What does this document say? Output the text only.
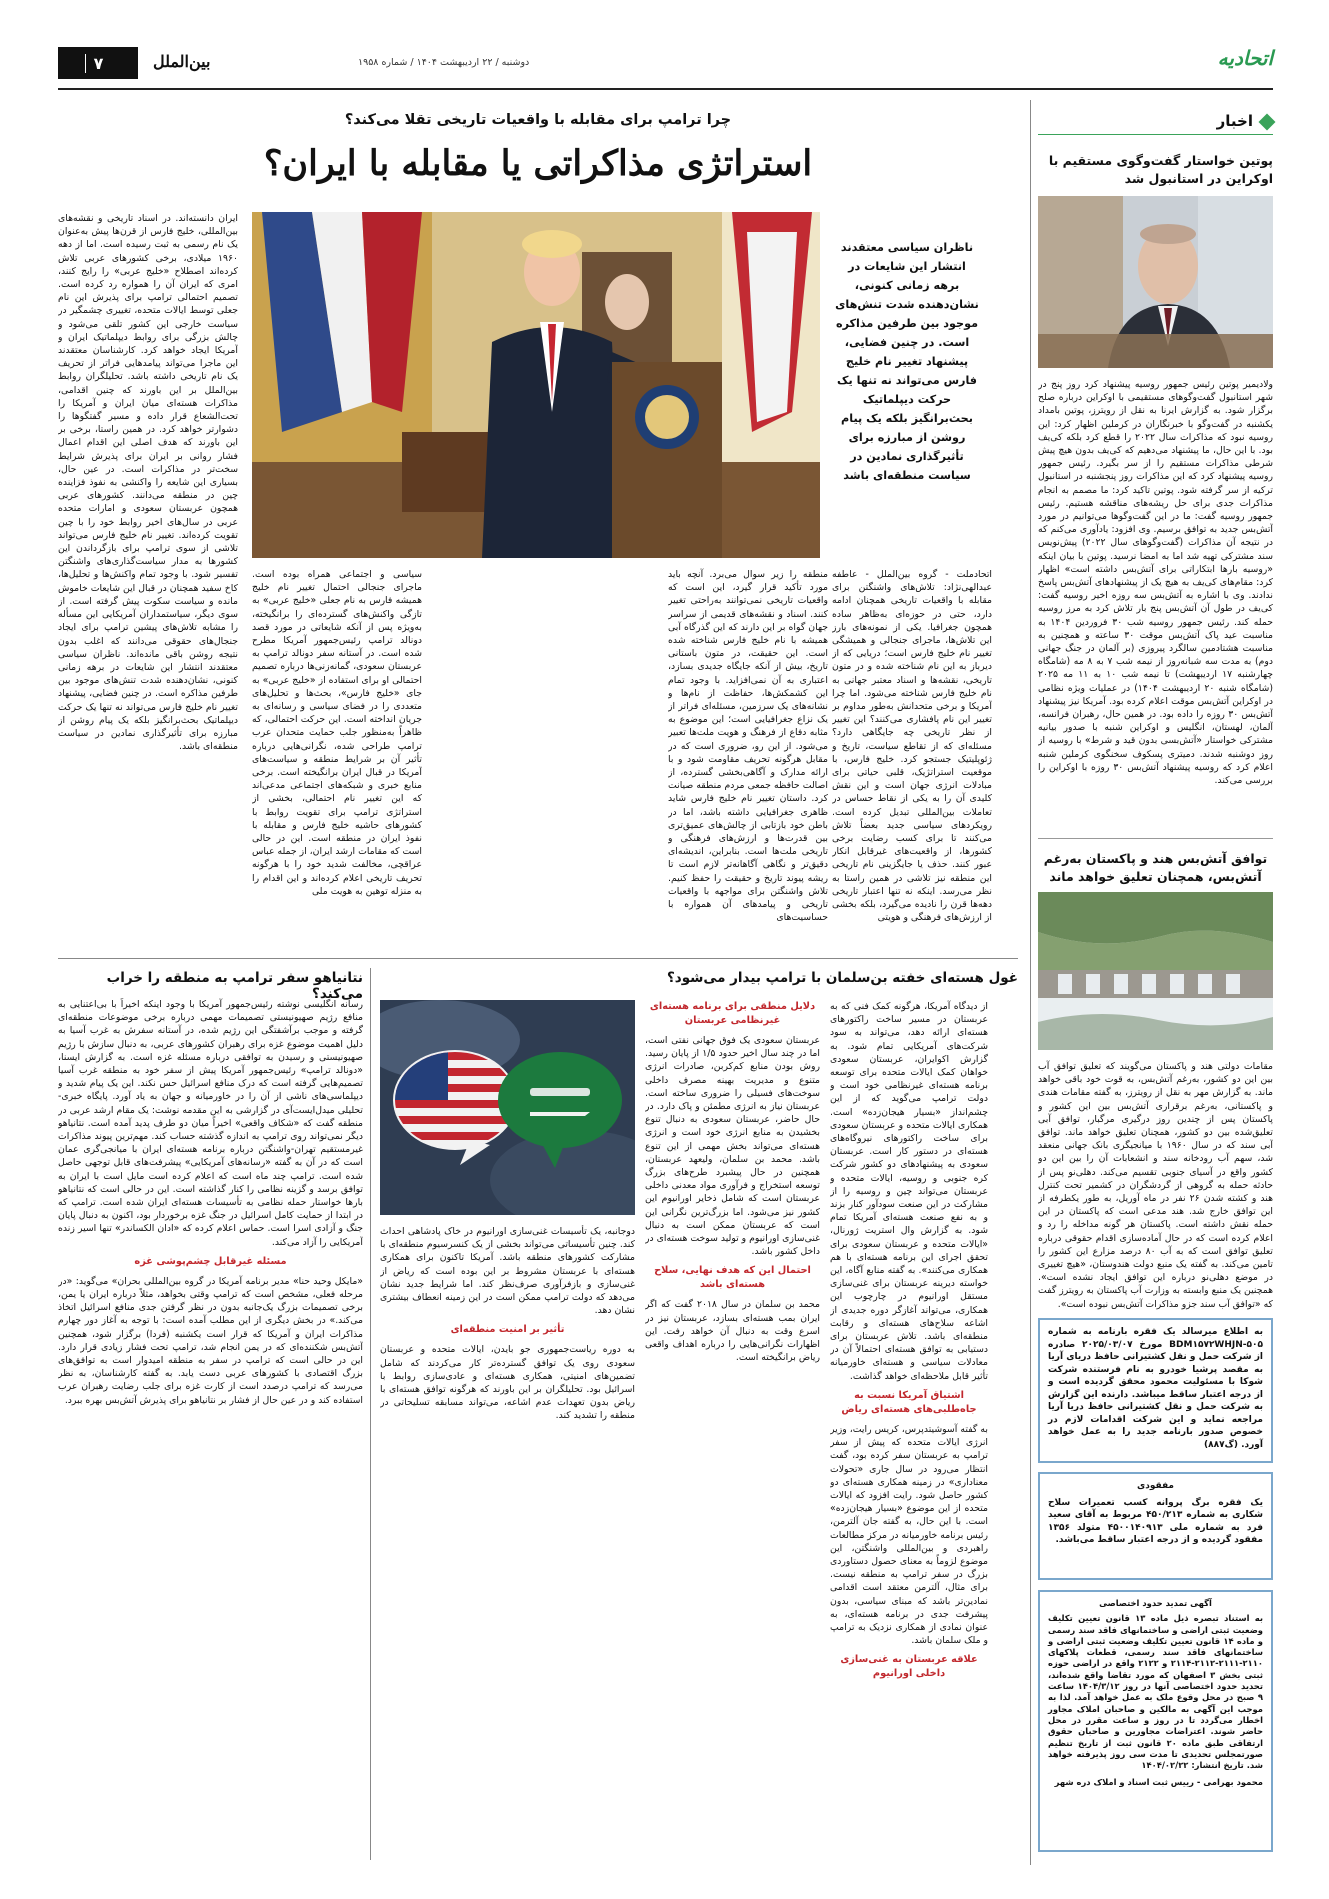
۷	بین‌الملل	دوشنبه / ۲۲ اردیبهشت ۱۴۰۴ / شماره ۱۹۵۸	اتحادیه
اخبار
پوتین خواستار گفت‌وگوی مستقیم با اوکراین در استانبول شد
ولادیمیر پوتین رئیس جمهور روسیه پیشنهاد کرد روز پنج در شهر استانبول گفت‌وگوهای مستقیمی با اوکراین درباره صلح برگزار شود. به گزارش ایرنا به نقل از رویترز، پوتین بامداد یکشنبه در گفت‌وگو با خبرنگاران در کرملین اظهار کرد: این روسیه نبود که مذاکرات سال ۲۰۲۲ را قطع کرد بلکه کی‌یف بود. با این حال، ما پیشنهاد می‌دهیم که کی‌یف بدون هیچ پیش شرطی مذاکرات مستقیم را از سر بگیرد. رئیس جمهور روسیه پیشنهاد کرد که این مذاکرات روز پنجشنبه در استانبول ترکیه از سر گرفته شود. پوتین تاکید کرد: ما مصمم به انجام مذاکرات جدی برای حل ریشه‌های مناقشه هستیم. رئیس جمهور روسیه گفت: ما در این گفت‌وگوها می‌توانیم در مورد آتش‌بس جدید به توافق برسیم. وی افزود: یادآوری می‌کنم که در نتیجه آن مذاکرات (گفت‌وگوهای سال ۲۰۲۲) پیش‌نویس سند مشترکی تهیه شد اما به امضا نرسید. پوتین با بیان اینکه «روسیه بارها ابتکاراتی برای آتش‌بس داشته است» اظهار کرد: مقام‌های کی‌یف به هیچ یک از پیشنهادهای آتش‌بس پاسخ ندادند. وی با اشاره به آتش‌بس سه روزه اخیر روسیه گفت: کی‌یف در طول آن آتش‌بس پنج بار تلاش کرد به مرز روسیه حمله کند. رئیس جمهور روسیه شب ۳۰ فروردین ۱۴۰۴ به مناسبت عید پاک آتش‌بس موقت ۳۰ ساعته و همچنین به مناسبت هشتادمین سالگرد پیروزی (بر آلمان در جنگ جهانی دوم) به مدت سه شبانه‌روز از نیمه شب ۷ به ۸ مه (شامگاه چهارشنبه ۱۷ اردیبهشت) تا نیمه شب ۱۰ به ۱۱ مه ۲۰۲۵ (شامگاه شنبه ۲۰ اردیبهشت ۱۴۰۴) در عملیات ویژه نظامی در اوکراین آتش‌بس موقت اعلام کرده بود. آمریکا نیز پیشنهاد آتش‌بس ۳۰ روزه را داده بود. در همین حال، رهبران فرانسه، آلمان، لهستان، انگلیس و اوکراین شنبه با صدور بیانیه مشترکی خواستار «آتش‌بسی بدون قید و شرط» با روسیه از روز دوشنبه شدند. دمیتری پسکوف سخنگوی کرملین شنبه اعلام کرد که روسیه پیشنهاد آتش‌بس ۳۰ روزه با اوکراین را بررسی می‌کند.
توافق آتش‌بس هند و پاکستان به‌رغم آتش‌بس، همچنان تعلیق خواهد ماند
مقامات دولتی هند و پاکستان می‌گویند که تعلیق توافق آب بین این دو کشور، به‌رغم آتش‌بس، به قوت خود باقی خواهد ماند. به گزارش مهر به نقل از رویترز، به گفته مقامات هندی و پاکستانی، به‌رغم برقراری آتش‌بس بین این کشور و پاکستان پس از چندین روز درگیری مرگبار، توافق آبی تعلیق‌شده بین دو کشور، همچنان تعلیق خواهد ماند. توافق آبی سند که در سال ۱۹۶۰ با میانجیگری بانک جهانی منعقد شد، سهم آب رودخانه سند و انشعابات آن را بین این دو کشور واقع در آسیای جنوبی تقسیم می‌کند. دهلی‌نو پس از حادثه حمله به گروهی از گردشگران در کشمیر تحت کنترل هند و کشته شدن ۲۶ نفر در ماه آوریل، به طور یکطرفه از این توافق خارج شد. هند مدعی است که پاکستان در این حمله نقش داشته است. پاکستان هر گونه مداخله را رد و اعلام کرده است که در حال آماده‌سازی اقدام حقوقی درباره تعلیق توافق است که به آب ۸۰ درصد مزارع این کشور را تامین می‌کند. به گفته یک منبع دولت هندوستان، «هیچ تغییری در موضع دهلی‌نو درباره این توافق ایجاد نشده است». همچنین یک منبع وابسته به وزارت آب پاکستان به رویترز گفت که «توافق آب سند جزو مذاکرات آتش‌بس نبوده است».
به اطلاع میرسالد یک فقره بارنامه به شماره BDM۱۵۷۲WHJN-۵۰۵ مورخ ۲۰۲۵/۰۳/۰۷ صادره از شرکت حمل و نقل کشتیرانی حافظ دریای آریا به مقصد پرشیا خودرو به نام فرستنده شرکت شوکا با مسئولیت محمود محقق گردیده است و از درجه اعتبار ساقط میباشد. دارنده این گزارش به شرکت حمل و نقل کشتیرانی حافظ دریا آریا مراجعه نماید و این شرکت اقدامات لازم در خصوص صدور بارنامه جدید را به عمل خواهد آورد. (گ۸۸۷)
مفقودی
یک فقره برگ پروانه کسب تعمیرات سلاح شکاری به شماره ۴۵۰/۲۱۳ مربوط به آقای سعید فرد به شماره ملی ۴۵۰۰۱۴۰۹۱۳ متولد ۱۳۵۶ مفقود گردیده و از درجه اعتبار ساقط می‌باشد.
آگهی تمدید حدود اختصاصی
به استناد تبصره ذیل ماده ۱۳ قانون تعیین تکلیف وضعیت ثبتی اراضی و ساختمانهای فاقد سند رسمی و ماده ۱۴ قانون تعیین تکلیف وضعیت ثبتی اراضی و ساختمانهای فاقد سند رسمی، قطعات پلاکهای ۲۱۱۰-۲۱۱۱-۲۱۱۲-۲۱۱۴ و ۲۱۲۲ واقع در اراضی حوزه ثبتی بخش ۳ اصفهان که مورد تقاضا واقع شده‌اند، تحدید حدود اختصاصی آنها در روز ۱۴۰۴/۳/۱۲ ساعت ۹ صبح در محل وقوع ملک به عمل خواهد آمد. لذا به موجب این آگهی به مالکین و صاحبان املاک مجاور اخطار می‌گردد تا در روز و ساعت مقرر در محل حاضر شوند. اعتراضات مجاورین و صاحبان حقوق ارتفاقی طبق ماده ۲۰ قانون ثبت از تاریخ تنظیم صورتمجلس تحدیدی تا مدت سی روز پذیرفته خواهد شد. تاریخ انتشار: ۱۴۰۴/۰۲/۲۲
محمود بهرامی - رییس ثبت اسناد و املاک دره شهر
چرا ترامپ برای مقابله با واقعیات تاریخی تقلا می‌کند؟
استراتژی مذاکراتی یا مقابله با ایران؟
ناظران سیاسی معتقدند انتشار این شایعات در برهه زمانی کنونی، نشان‌دهنده شدت تنش‌های موجود بین طرفین مذاکره است. در چنین فضایی، پیشنهاد تغییر نام خلیج فارس می‌تواند نه تنها یک حرکت دیپلماتیک بحث‌برانگیز بلکه یک پیام روشن از مبارزه برای تأثیرگذاری نمادین در سیاست منطقه‌ای باشد
اتحادملت - گروه بین‌الملل - عاطفه عبدالهی‌نژاد: تلاش‌های واشنگتن برای مقابله با واقعیات تاریخی همچنان ادامه دارد، حتی در حوزه‌ای به‌ظاهر ساده همچون جغرافیا. یکی از نمونه‌های بارز این تلاش‌ها، ماجرای جنجالی و همیشگی تغییر نام خلیج فارس است؛ دریایی که از دیرباز به این نام شناخته شده و در متون تاریخی، نقشه‌ها و اسناد معتبر جهانی به نام خلیج فارس شناخته می‌شود. اما چرا آمریکا و برخی متحدانش به‌طور مداوم بر تغییر این نام پافشاری می‌کنند؟ این تغییر از نظر تاریخی چه جایگاهی دارد؟ مسئله‌ای که از تقاطع سیاست، تاریخ و ژئوپلیتیک جستجو کرد. خلیج فارس، با موقعیت استراتژیک، قلبی حیاتی برای مبادلات انرژی جهان است و این نقش کلیدی آن را به یکی از نقاط حساس در تعاملات بین‌المللی تبدیل کرده است. رویکردهای سیاسی جدید بعضاً تلاش می‌کنند تا برای کسب رضایت برخی کشورها، از واقعیت‌های غیرقابل انکار عبور کنند. حذف یا جایگزینی نام تاریخی این منطقه نیز تلاشی در همین راستا به نظر می‌رسد. اینکه نه تنها اعتبار تاریخی دهه‌ها قرن را نادیده می‌گیرد، بلکه بخشی از ارزش‌های فرهنگی و هویتی
منطقه را زیر سوال می‌برد. آنچه باید مورد تأکید قرار گیرد، این است که واقعیات تاریخی نمی‌توانند به‌راحتی تغییر کنند. اسناد و نقشه‌های قدیمی از سراسر جهان گواه بر این دارند که این گذرگاه آبی همیشه با نام خلیج فارس شناخته شده است. این حقیقت، در متون باستانی تاریخ، بیش از آنکه جایگاه جدیدی بسازد، اعتباری به آن نمی‌افزاید. با وجود تمام این کشمکش‌ها، حفاظت از نام‌ها و نشانه‌های یک سرزمین، مسئله‌ای فراتر از یک نزاع جغرافیایی است؛ این موضوع به مثابه دفاع از فرهنگ و هویت ملت‌ها تعبیر می‌شود. از این رو، ضروری است که در مقابل هرگونه تحریف مقاومت شود و با ارائه مدارک و آگاهی‌بخشی گسترده، از اصالت حافظه جمعی مردم منطقه صیانت کرد. داستان تغییر نام خلیج فارس شاید ظاهری جغرافیایی داشته باشد، اما در باطن خود بازتابی از چالش‌های عمیق‌تری بین قدرت‌ها و ارزش‌های فرهنگی و تاریخی ملت‌ها است. بنابراین، اندیشه‌ای دقیق‌تر و نگاهی آگاهانه‌تر لازم است تا ریشه پیوند تاریخ و حقیقت را حفظ کنیم. تلاش واشنگتن برای مواجهه با واقعیات تاریخی و پیامدهای آن همواره با حساسیت‌های
سیاسی و اجتماعی همراه بوده است. ماجرای جنجالی احتمال تغییر نام خلیج همیشه فارس به نام جعلی «خلیج عربی» به تازگی واکنش‌های گسترده‌ای را برانگیخته، به‌ویژه پس از آنکه شایعاتی در مورد قصد دونالد ترامپ رئیس‌جمهور آمریکا مطرح شده است. در آستانه سفر دونالد ترامپ به عربستان سعودی، گمانه‌زنی‌ها درباره تصمیم احتمالی او برای استفاده از «خلیج عربی» به جای «خلیج فارس»، بحث‌ها و تحلیل‌های متعددی را در فضای سیاسی و رسانه‌ای به جریان انداخته است. این حرکت احتمالی، که ظاهراً به‌منظور جلب حمایت متحدان عرب ترامپ طراحی شده، نگرانی‌هایی درباره تأثیر آن بر شرایط منطقه و سیاست‌های آمریکا در قبال ایران برانگیخته است. برخی منابع خبری و شبکه‌های اجتماعی مدعی‌اند که این تغییر نام احتمالی، بخشی از استراتژی ترامپ برای تقویت روابط با کشورهای حاشیه خلیج فارس و مقابله با نفوذ ایران در منطقه است. این در حالی است که مقامات ارشد ایران، از جمله عباس عراقچی، مخالفت شدید خود را با هرگونه تحریف تاریخی اعلام کرده‌اند و این اقدام را به منزله توهین به هویت ملی
ایران دانسته‌اند. در اسناد تاریخی و نقشه‌های بین‌المللی، خلیج فارس از قرن‌ها پیش به‌عنوان یک نام رسمی به ثبت رسیده است. اما از دهه ۱۹۶۰ میلادی، برخی کشورهای عربی تلاش کرده‌اند اصطلاح «خلیج عربی» را رایج کنند، امری که ایران آن را همواره رد کرده است. تصمیم احتمالی ترامپ برای پذیرش این نام جعلی توسط ایالات متحده، تغییری چشمگیر در سیاست خارجی این کشور تلقی می‌شود و چالش بزرگی برای روابط دیپلماتیک ایران و آمریکا ایجاد خواهد کرد. کارشناسان معتقدند این ماجرا می‌تواند پیامدهایی فراتر از تحریف یک نام تاریخی داشته باشد. تحلیلگران روابط بین‌الملل بر این باورند که چنین اقدامی، مذاکرات هسته‌ای میان ایران و آمریکا را تحت‌الشعاع قرار داده و مسیر گفتگوها را دشوارتر خواهد کرد. در همین راستا، برخی بر این باورند که هدف اصلی این اقدام اعمال فشار روانی بر ایران برای پذیرش شرایط سخت‌تر در مذاکرات است. در عین حال، بسیاری این شایعه را واکنشی به نفوذ فزاینده چین در منطقه می‌دانند. کشورهای عربی همچون عربستان سعودی و امارات متحده عربی در سال‌های اخیر روابط خود را با چین تقویت کرده‌اند. تغییر نام خلیج فارس می‌تواند تلاشی از سوی ترامپ برای بازگرداندن این کشورها به مدار سیاست‌گذاری‌های واشنگتن تفسیر شود. با وجود تمام واکنش‌ها و تحلیل‌ها، کاخ سفید همچنان در قبال این شایعات خاموش مانده و سیاست سکوت پیش گرفته است. از سوی دیگر، سیاستمداران آمریکایی این مسأله را مشابه تلاش‌های پیشین ترامپ برای ایجاد جنجال‌های حقوقی می‌دانند که اغلب بدون نتیجه روشن باقی مانده‌اند. ناظران سیاسی معتقدند انتشار این شایعات در برهه زمانی کنونی، نشان‌دهنده شدت تنش‌های موجود بین طرفین مذاکره است. در چنین فضایی، پیشنهاد تغییر نام خلیج فارس می‌تواند نه تنها یک حرکت دیپلماتیک بحث‌برانگیز بلکه یک پیام روشن از مبارزه برای تأثیرگذاری نمادین در سیاست منطقه‌ای باشد.
غول هسته‌ای خفته بن‌سلمان با ترامپ بیدار می‌شود؟
از دیدگاه آمریکا، هرگونه کمک فنی که به عربستان در مسیر ساخت راکتورهای هسته‌ای ارائه دهد، می‌تواند به سود شرکت‌های آمریکایی تمام شود. به گزارش اکوایران، عربستان سعودی خواهان کمک ایالات متحده برای توسعه برنامه هسته‌ای غیرنظامی خود است و دولت ترامپ می‌گوید که از این چشم‌انداز «بسیار هیجان‌زده» است. همکاری ایالات متحده و عربستان سعودی برای ساخت راکتورهای نیروگاه‌های هسته‌ای در دستور کار است. عربستان سعودی به پیشنهادهای دو کشور شرکت کره جنوبی و روسیه، ایالات متحده و عربستان می‌تواند چین و روسیه را از مشارکت در این صنعت سودآور کنار بزند و به نفع صنعت هسته‌ای آمریکا تمام شود. به گزارش وال استریت ژورنال، «ایالات متحده و عربستان سعودی برای تحقق اجرای این برنامه هسته‌ای با هم همکاری می‌کنند». به گفته منابع آگاه، این خواسته دیرینه عربستان برای غنی‌سازی مستقل اورانیوم در چارچوب این همکاری، می‌تواند آغازگر دوره جدیدی از اشاعه سلاح‌های هسته‌ای و رقابت منطقه‌ای باشد. تلاش عربستان برای دستیابی به توافق هسته‌ای احتمالاً آن در معادلات سیاسی و هسته‌ای خاورمیانه تأثیر قابل ملاحظه‌ای خواهد گذاشت.
اشتیاق آمریکا نسبت به جاه‌طلبی‌های هسته‌ای ریاض
به گفته آسوشیتدپرس، کریس رایت، وزیر انرژی ایالات متحده که پیش از سفر ترامپ به عربستان سفر کرده بود، گفت انتظار می‌رود در سال جاری «تحولات معناداری» در زمینه همکاری هسته‌ای دو کشور حاصل شود. رایت افزود که ایالات متحده از این موضوع «بسیار هیجان‌زده» است. با این حال، به گفته جان آلترمن، رئیس برنامه خاورمیانه در مرکز مطالعات راهبردی و بین‌المللی واشنگتن، این موضوع لزوماً به معنای حصول دستاوردی بزرگ در سفر ترامپ به منطقه نیست. برای مثال، آلترمن معتقد است اقدامی نمادین‌تر باشد که مبنای سیاسی، بدون پیشرفت جدی در برنامه هسته‌ای، به عنوان نمادی از همکاری نزدیک به ترامپ و ملک سلمان باشد.
علاقه عربستان به غنی‌سازی داخلی اورانیوم
دلایل منطقی برای برنامه هسته‌ای غیرنظامی عربستان
عربستان سعودی یک فوق جهانی نفتی است، اما در چند سال اخیر حدود ۱/۵ از پایان رسید. روش بودن منابع کم‌کربن، صادرات انرژی متنوع و مدیریت بهینه مصرف داخلی سوخت‌های فسیلی را ضروری ساخته است. عربستان نیاز به انرژی مطمئن و پاک دارد. در حال حاضر، عربستان سعودی به دنبال تنوع بخشیدن به منابع انرژی خود است و انرژی هسته‌ای می‌تواند بخش مهمی از این تنوع باشد. محمد بن سلمان، ولیعهد عربستان، همچنین در حال پیشبرد طرح‌های بزرگ توسعه استخراج و فرآوری مواد معدنی داخلی عربستان است که شامل ذخایر اورانیوم این کشور نیز می‌شود. اما بزرگ‌ترین نگرانی این است که عربستان ممکن است به دنبال غنی‌سازی اورانیوم و تولید سوخت هسته‌ای در داخل کشور باشد.
احتمال این که هدف نهایی، سلاح هسته‌ای باشد
محمد بن سلمان در سال ۲۰۱۸ گفت که اگر ایران بمب هسته‌ای بسازد، عربستان نیز در اسرع وقت به دنبال آن خواهد رفت. این اظهارات نگرانی‌هایی را درباره اهداف واقعی ریاض برانگیخته است.
دوجانبه، یک تأسیسات غنی‌سازی اورانیوم در خاک پادشاهی احداث کند. چنین تأسیساتی می‌تواند بخشی از یک کنسرسیوم منطقه‌ای با مشارکت کشورهای منطقه باشد. آمریکا تاکنون برای همکاری هسته‌ای با عربستان مشروط بر این بوده است که ریاض از غنی‌سازی و بازفرآوری صرف‌نظر کند. اما شرایط جدید نشان می‌دهد که دولت ترامپ ممکن است در این زمینه انعطاف بیشتری نشان دهد.
تأثیر بر امنیت منطقه‌ای
به دوره ریاست‌جمهوری جو بایدن، ایالات متحده و عربستان سعودی روی یک توافق گسترده‌تر کار می‌کردند که شامل تضمین‌های امنیتی، همکاری هسته‌ای و عادی‌سازی روابط با اسرائیل بود. تحلیلگران بر این باورند که هرگونه توافق هسته‌ای با ریاض بدون تعهدات عدم اشاعه، می‌تواند مسابقه تسلیحاتی در منطقه را تشدید کند.
نتانیاهو سفر ترامپ به منطقه را خراب می‌کند؟
رسانه انگلیسی نوشته رئیس‌جمهور آمریکا با وجود اینکه اخیراً با بی‌اعتنایی به منافع رژیم صهیونیستی تصمیمات مهمی درباره برخی موضوعات منطقه‌ای گرفته و موجب برآشفتگی این رژیم شده، در آستانه سفرش به غرب آسیا به دلیل اهمیت موضوع غزه برای رهبران کشورهای عربی، به دنبال سازش با رژیم صهیونیستی و رسیدن به توافقی درباره مسئله غزه است. به گزارش ایسنا، «دونالد ترامپ» رئیس‌جمهور آمریکا پیش از سفر خود به منطقه غرب آسیا تصمیم‌هایی گرفته است که درک منافع اسرائیل حس نکند. این یک پیام شدید و دیپلماسی‌های ناشی از آن را در خاورمیانه و جهان به یاد آورد. پایگاه خبری-تحلیلی میدل‌ایست‌آی در گزارشی به این مقدمه نوشت: یک مقام ارشد عربی در منطقه گفت که «شکاف واقعی» اخیراً میان دو طرف پدید آمده است. نتانیاهو دیگر نمی‌تواند روی ترامپ به اندازه گذشته حساب کند. مهم‌ترین پیوند مذاکرات غیرمستقیم تهران-واشنگتن درباره برنامه هسته‌ای ایران با میانجی‌گری عمان است که در آن به گفته «رسانه‌های آمریکایی» پیشرفت‌های قابل توجهی حاصل شده است. ترامپ چند ماه است که اعلام کرده است مایل است با ایران به توافق برسد و گزینه نظامی را کنار گذاشته است. این در حالی است که نتانیاهو بارها خواستار حمله نظامی به تأسیسات هسته‌ای ایران شده است. ترامپ که در ابتدا از حمایت کامل اسرائیل در جنگ غزه برخوردار بود، اکنون به دنبال پایان جنگ و آزادی اسرا است. حماس اعلام کرده که «ادان الکساندر» تنها اسیر زنده آمریکایی را آزاد می‌کند.
مسئله غیرقابل چشم‌پوشی غزه
«مایکل وحید حنا» مدیر برنامه آمریکا در گروه بین‌المللی بحران» می‌گوید: «در مرحله فعلی، مشخص است که ترامپ وقتی بخواهد، مثلاً درباره ایران یا یمن، برخی تصمیمات بزرگ یک‌جانبه بدون در نظر گرفتن جدی منافع اسرائیل اتخاذ می‌کند.» در بخش دیگری از این مطلب آمده است: با توجه به آغاز دور چهارم مذاکرات ایران و آمریکا که قرار است یکشنبه (فردا) برگزار شود، همچنین آتش‌بس شکننده‌ای که در یمن انجام شد، ترامپ تحت فشار زیادی قرار دارد. این در حالی است که ترامپ در سفر به منطقه امیدوار است به توافق‌های بزرگ اقتصادی با کشورهای عربی دست یابد. به گفته کارشناسان، به نظر می‌رسد که ترامپ درصدد است از کارت غزه برای جلب رضایت رهبران عرب استفاده کند و در عین حال از فشار بر نتانیاهو برای پذیرش آتش‌بس بهره ببرد.
